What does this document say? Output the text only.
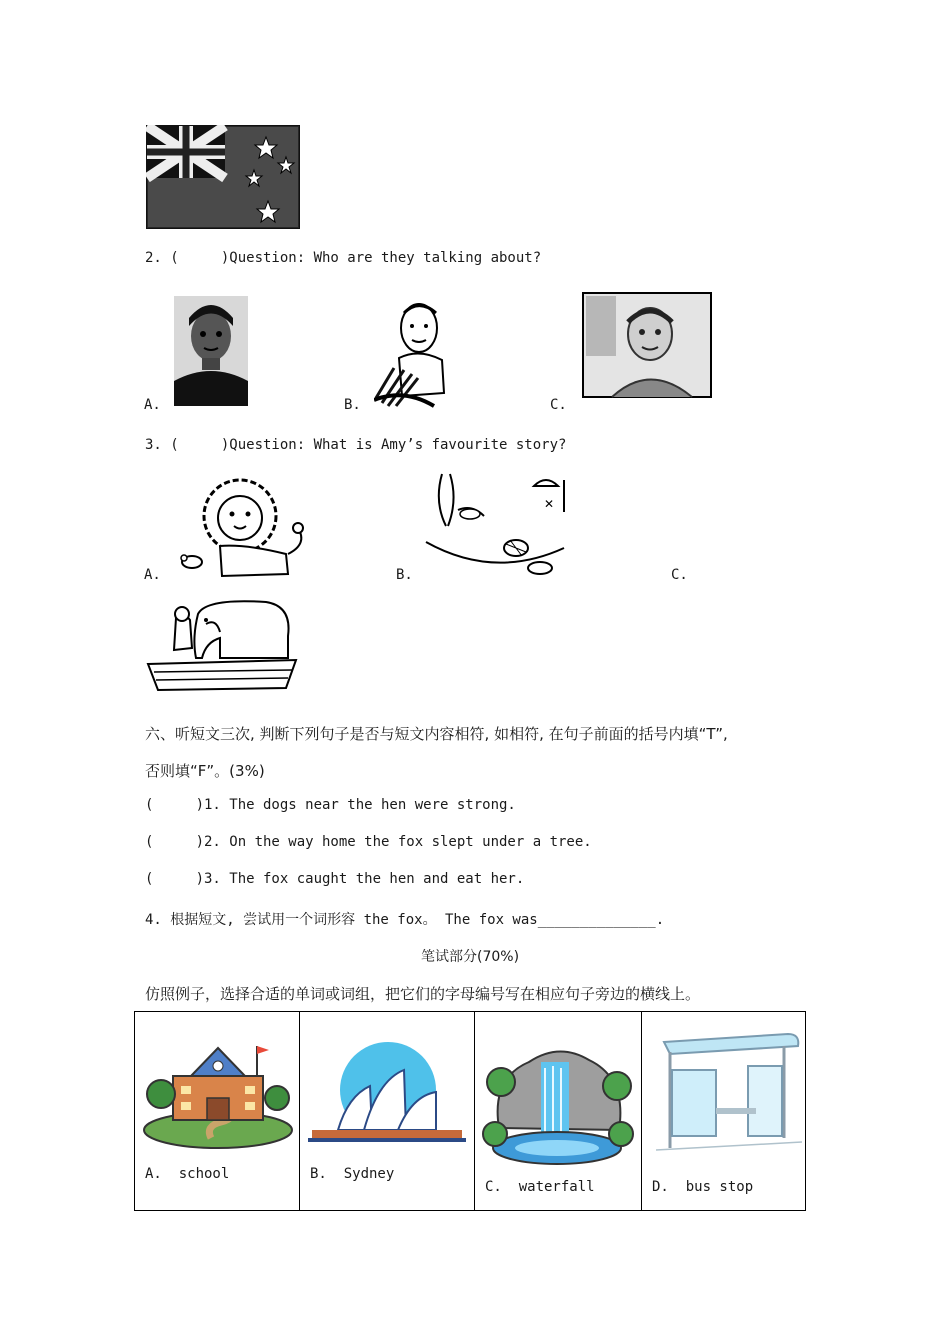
2. (     )Question: Who are they talking about?
A.	B.	C.
3. (     )Question: What is Amy’s favourite story?
A.
✕
B.	C.
六、听短文三次, 判断下列句子是否与短文内容相符, 如相符, 在句子前面的括号内填“T”,
否则填“F”。(3%)
(     )1. The dogs near the hen were strong.
(     )2. On the way home the fox slept under a tree.
(     )3. The fox caught the hen and eat her.
4. 根据短文, 尝试用一个词形容 the fox。 The fox was______________.
笔试部分(70%)
仿照例子，选择合适的单词或词组，把它们的字母编号写在相应句子旁边的横线上。
A.  school	B.  Sydney

C.  waterfall	D.  bus stop
